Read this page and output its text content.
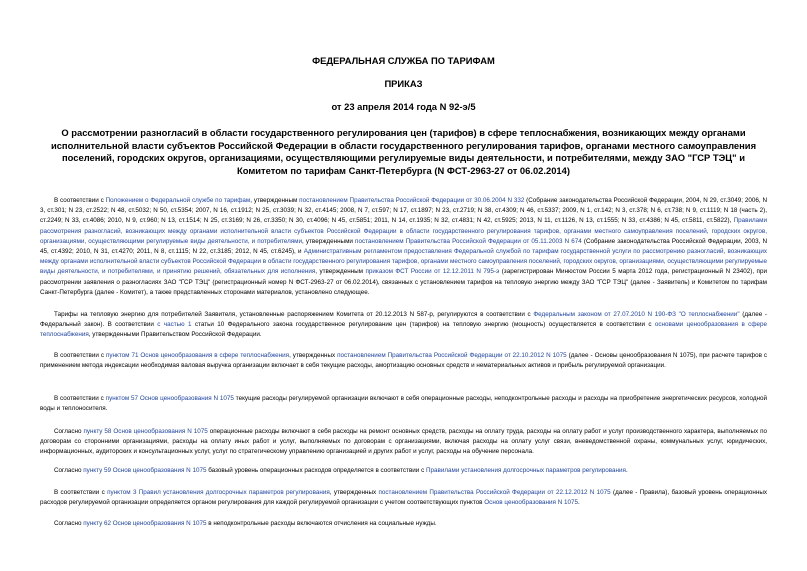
ФЕДЕРАЛЬНАЯ СЛУЖБА ПО ТАРИФАМ
ПРИКАЗ
от 23 апреля 2014 года N 92-э/5
О рассмотрении разногласий в области государственного регулирования цен (тарифов) в сфере теплоснабжения, возникающих между органами исполнительной власти субъектов Российской Федерации в области государственного регулирования тарифов, органами местного самоуправления поселений, городских округов, организациями, осуществляющими регулируемые виды деятельности, и потребителями, между ЗАО "ГСР ТЭЦ" и Комитетом по тарифам Санкт-Петербурга (N ФСТ-2963-27 от 06.02.2014)

В соответствии с Положением о Федеральной службе по тарифам, утвержденным постановлением Правительства Российской Федерации от 30.06.2004 N 332 (Собрание законодательства Российской Федерации, 2004, N 29, ст.3049; 2006, N 3, ст.301; N 23, ст.2522; N 48, ст.5032; N 50, ст.5354; 2007, N 16, ст.1912; N 25, ст.3039; N 32, ст.4145; 2008, N 7, ст.597; N 17, ст.1897; N 23, ст.2719; N 38, ст.4309; N 46, ст.5337; 2009, N 1, ст.142; N 3, ст.378; N 6, ст.738; N 9, ст.1119; N 18 (часть 2), ст.2249; N 33, ст.4086; 2010, N 9, ст.960; N 13, ст.1514; N 25, ст.3169; N 26, ст.3350; N 30, ст.4096; N 45, ст.5851; 2011, N 14, ст.1935; N 32, ст.4831; N 42, ст.5925; 2013, N 11, ст.1126, N 13, ст.1555; N 33, ст.4386; N 45, ст.5811, ст.5822), Правилами рассмотрения разногласий, возникающих между органами исполнительной власти субъектов Российской Федерации в области государственного регулирования тарифов, органами местного самоуправления поселений, городских округов, организациями, осуществляющими регулируемые виды деятельности, и потребителями, утвержденными постановлением Правительства Российской Федерации от 05.11.2003 N 674 (Собрание законодательства Российской Федерации, 2003, N 45, ст.4392; 2010, N 31, ст.4270; 2011, N 8, ст.1115; N 22, ст.3185; 2012, N 45, ст.6245), и Административным регламентом предоставления Федеральной службой по тарифам государственной услуги по рассмотрению разногласий, возникающих между органами исполнительной власти субъектов Российской Федерации в области государственного регулирования тарифов, органами местного самоуправления поселений, городских округов, организациями, осуществляющими регулируемые виды деятельности, и потребителями, и принятию решений, обязательных для исполнения, утвержденным приказом ФСТ России от 12.12.2011 N 795-э (зарегистрирован Минюстом России 5 марта 2012 года, регистрационный N 23402), при рассмотрении заявления о разногласиях ЗАО "ГСР ТЭЦ" (регистрационный номер N ФСТ-2963-27 от 06.02.2014), связанных с установлением тарифов на тепловую энергию между ЗАО "ГСР ТЭЦ" (далее - Заявитель) и Комитетом по тарифам Санкт-Петербурга (далее - Комитет), а также представленных сторонами материалов, установлено следующее.

Тарифы на тепловую энергию для потребителей Заявителя, установленные распоряжением Комитета от 20.12.2013 N 587-р, регулируются в соответствии с Федеральным законом от 27.07.2010 N 190-ФЗ "О теплоснабжении" (далее - Федеральный закон). В соответствии с частью 1 статьи 10 Федерального закона государственное регулирование цен (тарифов) на тепловую энергию (мощность) осуществляется в соответствии с основами ценообразования в сфере теплоснабжения, утвержденными Правительством Российской Федерации.

В соответствии с пунктом 71 Основ ценообразования в сфере теплоснабжения, утвержденных постановлением Правительства Российской Федерации от 22.10.2012 N 1075 (далее - Основы ценообразования N 1075), при расчете тарифов с применением метода индексации необходимая валовая выручка организации включает в себя текущие расходы, амортизацию основных средств и нематериальных активов и прибыль регулируемой организации.

В соответствии с пунктом 57 Основ ценообразования N 1075 текущие расходы регулируемой организации включают в себя операционные расходы, неподконтрольные расходы и расходы на приобретение энергетических ресурсов, холодной воды и теплоносителя.

Согласно пункту 58 Основ ценообразования N 1075 операционные расходы включают в себя расходы на ремонт основных средств, расходы на оплату труда, расходы на оплату работ и услуг производственного характера, выполняемых по договорам со сторонними организациями, расходы на оплату иных работ и услуг, выполняемых по договорам с организациями, включая расходы на оплату услуг связи, вневедомственной охраны, коммунальных услуг, юридических, информационных, аудиторских и консультационных услуг, услуг по стратегическому управлению организацией и других работ и услуг, расходы на обучение персонала.

Согласно пункту 59 Основ ценообразования N 1075 базовый уровень операционных расходов определяется в соответствии с Правилами установления долгосрочных параметров регулирования.

В соответствии с пунктом 3 Правил установления долгосрочных параметров регулирования, утвержденных постановлением Правительства Российской Федерации от 22.12.2012 N 1075 (далее - Правила), базовый уровень операционных расходов регулируемой организации определяется органом регулирования для каждой регулируемой организации с учетом соответствующих пунктов Основ ценообразования N 1075.

Согласно пункту 62 Основ ценообразования N 1075 в неподконтрольные расходы включаются отчисления на социальные нужды.
